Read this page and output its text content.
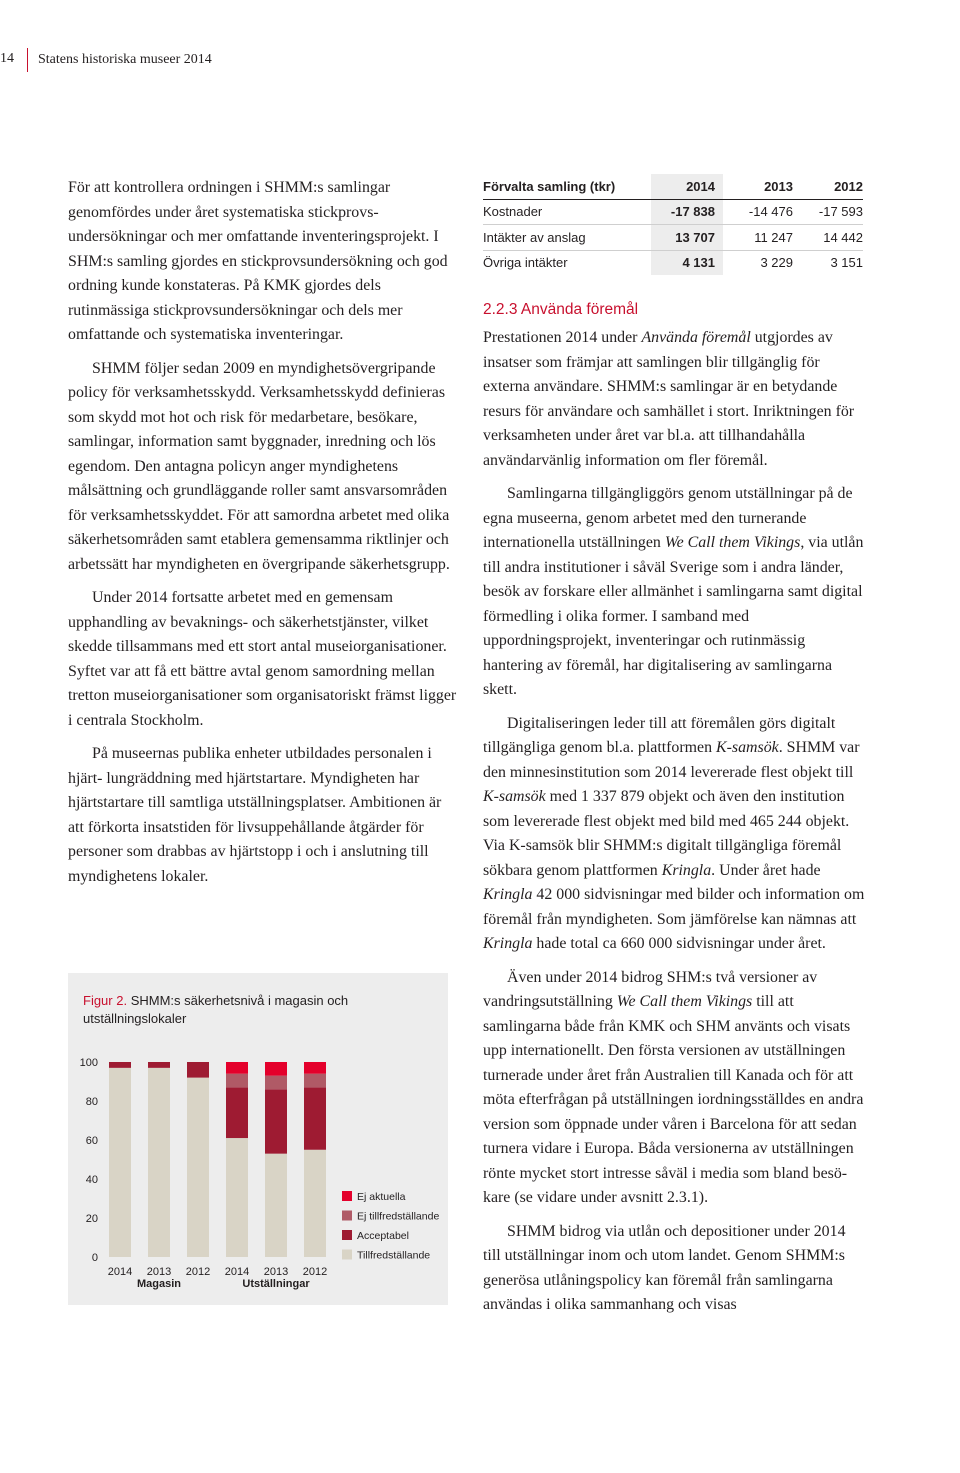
14 Statens historiska museer 2014

För att kontrollera ordningen i SHMM:s samlingar genomfördes under året systematiska stickprovsundersökningar och mer omfattande inventeringsprojekt. I SHM:s samling gjordes en stickprovsundersökning och god ordning kunde konstateras. På KMK gjordes dels rutinmässiga stickprovsundersökningar och dels mer omfattande och systematiska inventeringar.

SHMM följer sedan 2009 en myndighetsövergripande policy för verksamhetsskydd. Verksamhetsskydd definieras som skydd mot hot och risk för medarbetare, besökare, samlingar, information samt byggnader, inredning och lös egendom. Den antagna policyn anger myndighetens målsättning och grundläggande roller samt ansvarsområden för verksamhetsskyddet. För att samordna arbetet med olika säkerhetsområden samt etablera gemensamma riktlinjer och arbetssätt har myndigheten en övergripande säkerhetsgrupp.

Under 2014 fortsatte arbetet med en gemensam upphandling av bevaknings- och säkerhetstjänster, vilket skedde tillsammans med ett stort antal museiorganisationer. Syftet var att få ett bättre avtal genom samordning mellan tretton museiorganisationer som organisatoriskt främst ligger i centrala Stockholm.

På museernas publika enheter utbildades personalen i hjärt- lungräddning med hjärtstartare. Myndigheten har hjärtstartare till samtliga utställningsplatser. Ambitionen är att förkorta insatstiden för livsuppehållande åtgärder för personer som drabbas av hjärtstopp i och i anslutning till myndighetens lokaler.

Förvalta samling (tkr)	2014	2013	2012
Kostnader	-17 838	-14 476	-17 593
Intäkter av anslag	13 707	11 247	14 442
Övriga intäkter	4 131	3 229	3 151
2.2.3 Använda föremål

Prestationen 2014 under Använda föremål utgjordes av insatser som främjar att samlingen blir tillgänglig för externa användare. SHMM:s samlingar är en betydande resurs för användare och samhället i stort. Inriktningen för verksamheten under året var bl.a. att tillhandahålla användarvänlig information om fler föremål.

Samlingarna tillgängliggörs genom utställningar på de egna museerna, genom arbetet med den turnerande internationella utställningen We Call them Vikings, via utlån till andra institutioner i såväl Sverige som i andra länder, besök av forskare eller allmänhet i samlingarna samt digital förmedling i olika former. I samband med uppordningsprojekt, inventeringar och rutinmässig hantering av föremål, har digitalisering av samlingarna skett.

Digitaliseringen leder till att föremålen görs digitalt tillgängliga genom bl.a. plattformen K-samsök. SHMM var den minnesinstitution som 2014 levererade flest objekt till K-samsök med 1 337 879 objekt och även den institution som levererade flest objekt med bild med 465 244 objekt. Via K-samsök blir SHMM:s digitalt tillgängliga föremål sökbara genom plattformen Kringla. Under året hade Kringla 42 000 sidvisningar med bilder och information om föremål från myndigheten. Som jämförelse kan nämnas att Kringla hade total ca 660 000 sidvisningar under året.

Även under 2014 bidrog SHM:s två versioner av vandringsutställning We Call them Vikings till att samlingarna både från KMK och SHM använts och visats upp internationellt. Den första versionen av utställningen turnerade under året från Australien till Kanada och för att möta efterfrågan på utställningen iordningsställdes en andra version som öppnade under våren i Barcelona för att sedan turnera vidare i Europa. Båda versionerna av utställningen rönte mycket stort intresse såväl i media som bland besökare (se vidare under avsnitt 2.3.1).

SHMM bidrog via utlån och depositioner under 2014 till utställningar inom och utom landet. Genom SHMM:s generösa utlåningspolicy kan föremål från samlingarna användas i olika sammanhang och visas

0
20
40
60
80
100
2014 2013 2012 2014 2013 2012
Magasin	Utställningar
Ej aktuella
Ej tillfredställande
Acceptabel
Tillfredställande
Figur 2. SHMM:s säkerhetsnivå i magasin och utställningslokaler
